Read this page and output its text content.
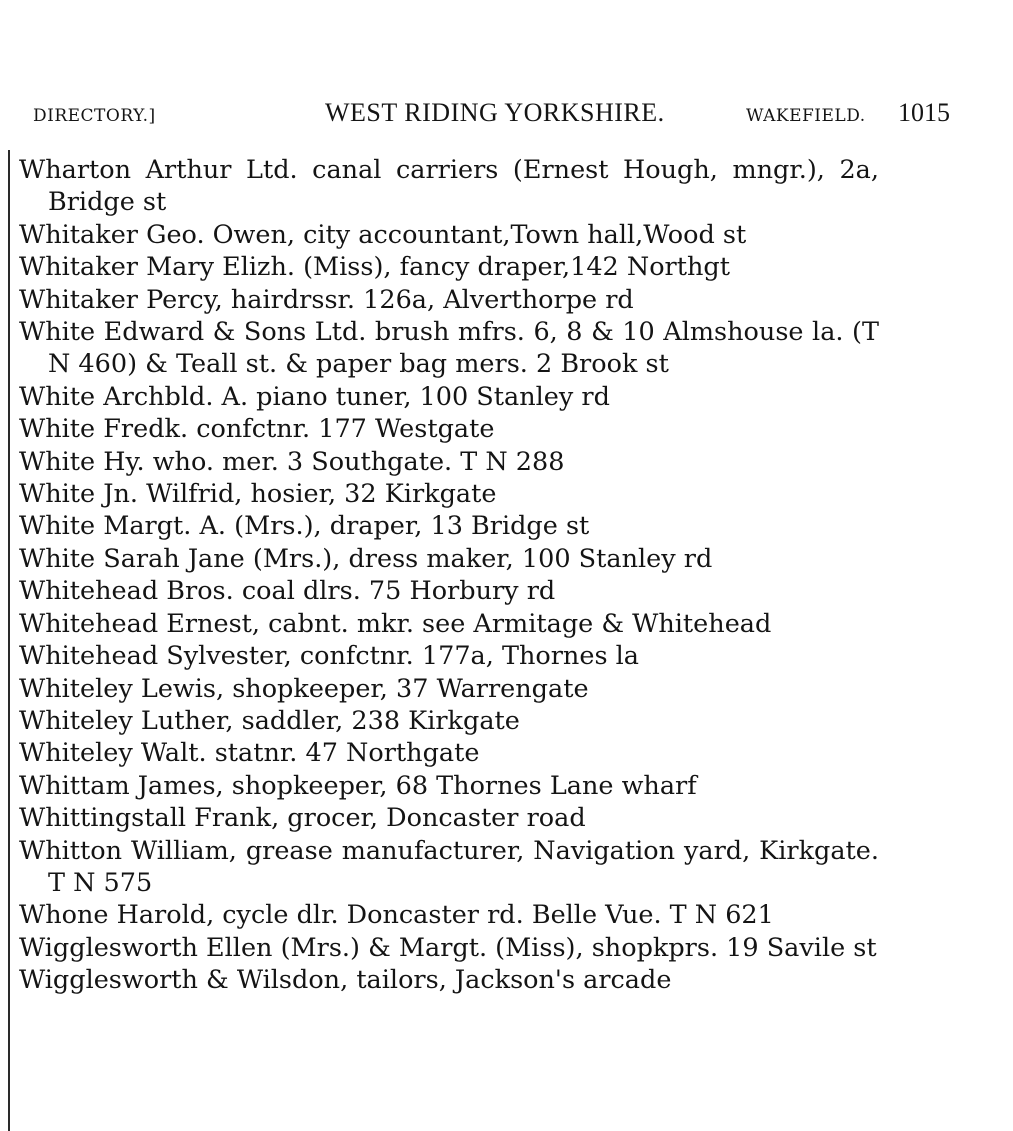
DIRECTORY.]	WEST RIDING YORKSHIRE.	WAKEFIELD. 1015
Wharton Arthur Ltd. canal carriers (Ernest Hough, mngr.), 2a, Bridge st
Whitaker Geo. Owen, city accountant,Town hall,Wood st
Whitaker Mary Elizh. (Miss), fancy draper,142 Northgt
Whitaker Percy, hairdrssr. 126a, Alverthorpe rd
White Edward & Sons Ltd. brush mfrs. 6, 8 & 10 Almshouse la. (T N 460) & Teall st. & paper bag mers. 2 Brook st
White Archbld. A. piano tuner, 100 Stanley rd
White Fredk. confctnr. 177 Westgate
White Hy. who. mer. 3 Southgate. T N 288
White Jn. Wilfrid, hosier, 32 Kirkgate
White Margt. A. (Mrs.), draper, 13 Bridge st
White Sarah Jane (Mrs.), dress maker, 100 Stanley rd
Whitehead Bros. coal dlrs. 75 Horbury rd
Whitehead Ernest, cabnt. mkr. see Armitage & Whitehead
Whitehead Sylvester, confctnr. 177a, Thornes la
Whiteley Lewis, shopkeeper, 37 Warrengate
Whiteley Luther, saddler, 238 Kirkgate
Whiteley Walt. statnr. 47 Northgate
Whittam James, shopkeeper, 68 Thornes Lane wharf
Whittingstall Frank, grocer, Doncaster road
Whitton William, grease manufacturer, Navigation yard, Kirkgate. T N 575
Whone Harold, cycle dlr. Doncaster rd. Belle Vue. T N 621
Wigglesworth Ellen (Mrs.) & Margt. (Miss), shopkprs. 19 Savile st
Wigglesworth & Wilsdon, tailors, Jackson's arcade
